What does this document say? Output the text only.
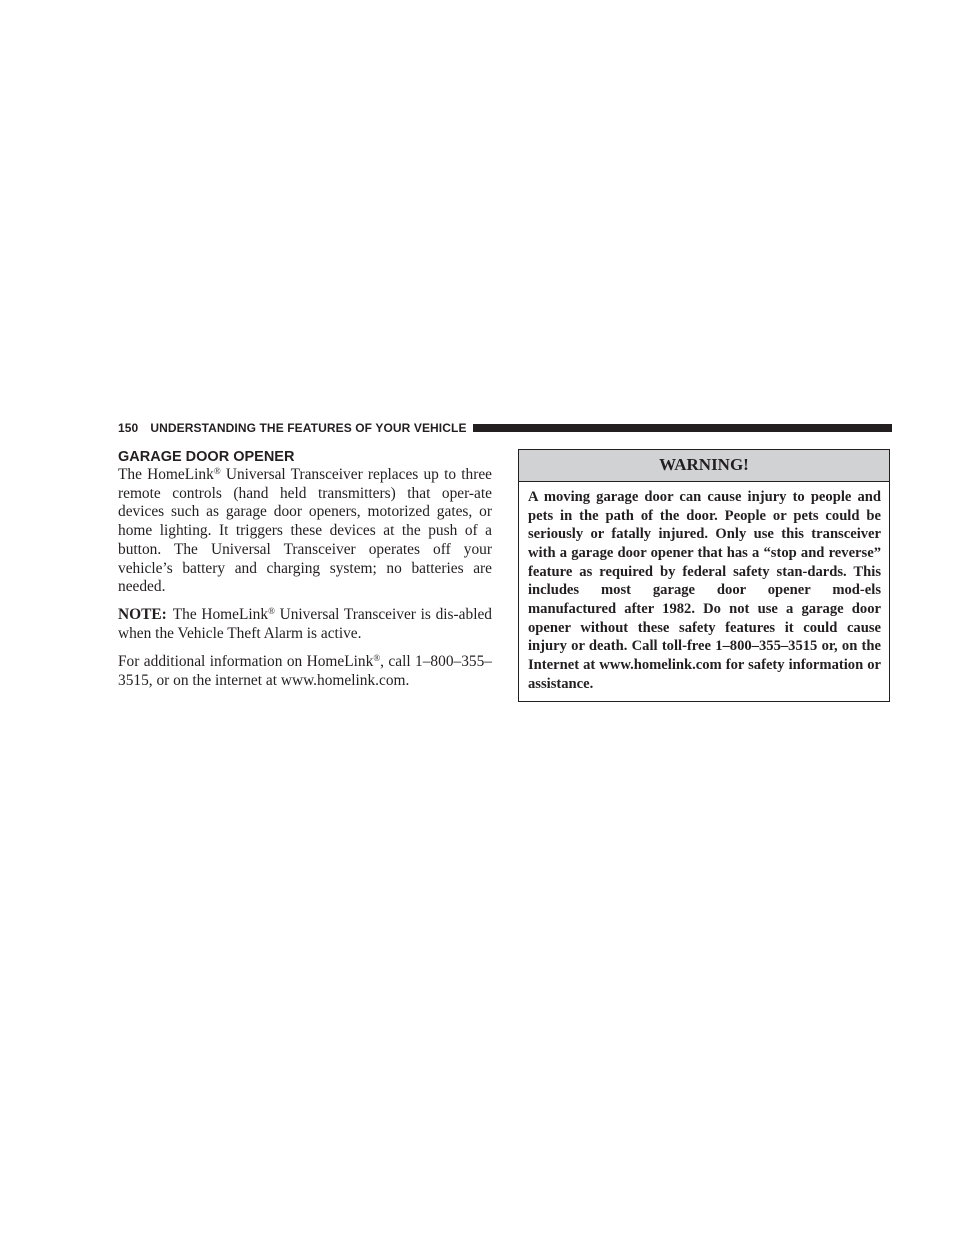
150 UNDERSTANDING THE FEATURES OF YOUR VEHICLE
GARAGE DOOR OPENER

The HomeLink® Universal Transceiver replaces up to three remote controls (hand held transmitters) that oper-ate devices such as garage door openers, motorized gates, or home lighting. It triggers these devices at the push of a button. The Universal Transceiver operates off your vehicle’s battery and charging system; no batteries are needed.

NOTE: The HomeLink® Universal Transceiver is dis-abled when the Vehicle Theft Alarm is active.

For additional information on HomeLink®, call 1–800–355–3515, or on the internet at www.homelink.com.

WARNING!
A moving garage door can cause injury to people and pets in the path of the door. People or pets could be seriously or fatally injured. Only use this transceiver with a garage door opener that has a “stop and reverse” feature as required by federal safety stan-dards. This includes most garage door opener mod-els manufactured after 1982. Do not use a garage door opener without these safety features it could cause injury or death. Call toll-free 1–800–355–3515 or, on the Internet at www.homelink.com for safety information or assistance.
